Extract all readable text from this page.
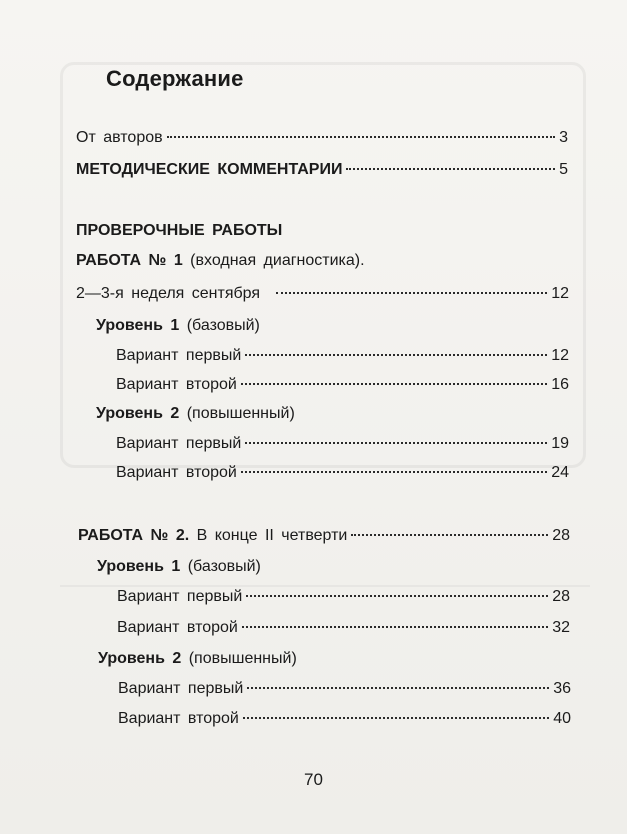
Содержание
От авторов	3
МЕТОДИЧЕСКИЕ КОММЕНТАРИИ	5
ПРОВЕРОЧНЫЕ РАБОТЫ
РАБОТА № 1 (входная диагностика).
2—3-я неделя сентября	12
Уровень 1 (базовый)
Вариант первый	12
Вариант второй	16
Уровень 2 (повышенный)
Вариант первый	19
Вариант второй	24
РАБОТА № 2. В конце II четверти	28
Уровень 1 (базовый)
Вариант первый	28
Вариант второй	32
Уровень 2 (повышенный)
Вариант первый	36
Вариант второй	40
70
